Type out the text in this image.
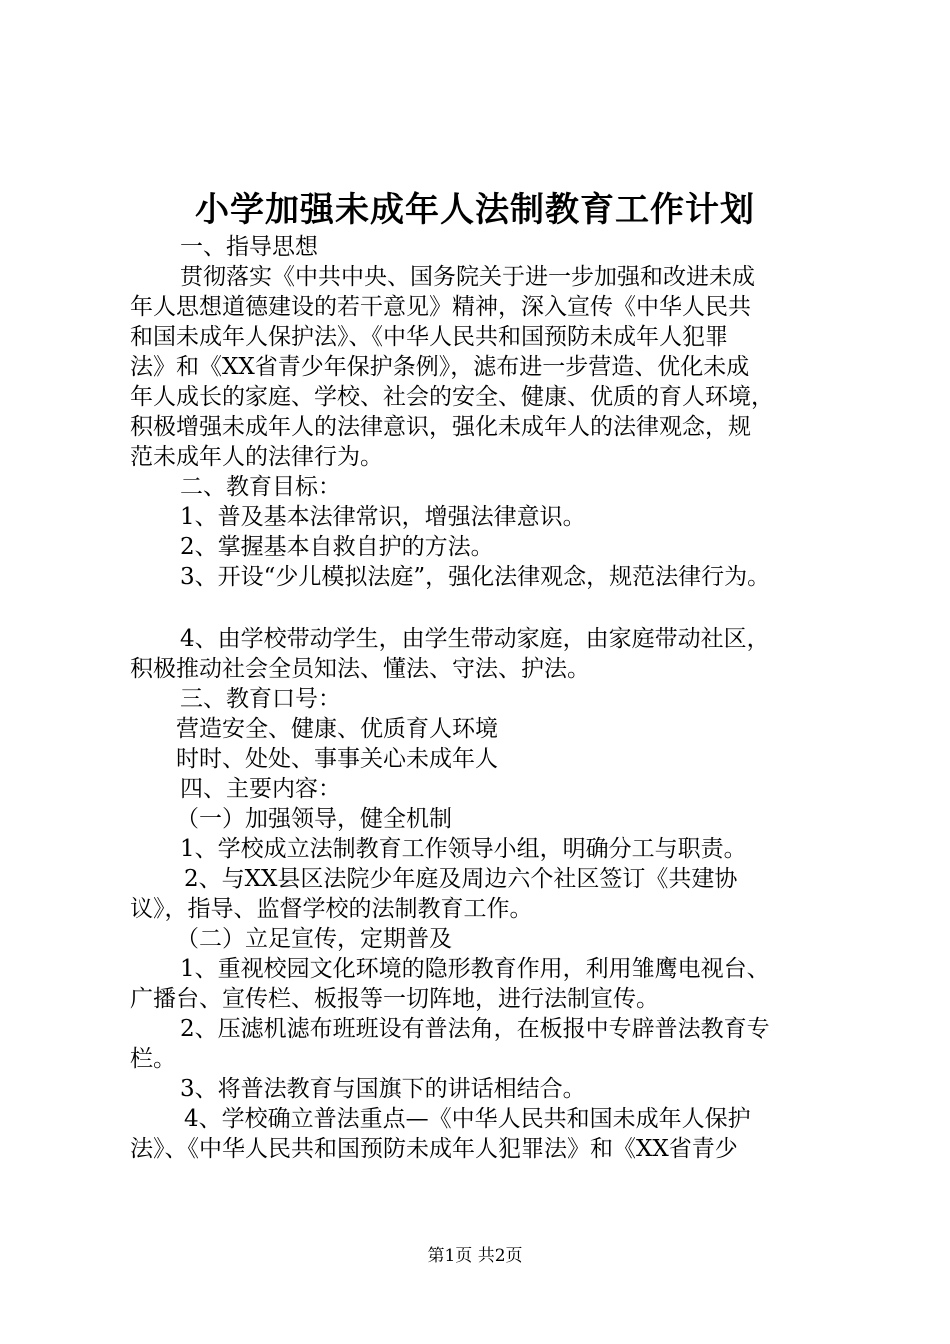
小学加强未成年人法制教育工作计划
一、指导思想
贯彻落实《中共中央、国务院关于进一步加强和改进未成
年人思想道德建设的若干意见》精神，深入宣传《中华人民共
和国未成年人保护法》、《中华人民共和国预防未成年人犯罪
法》和《XX省青少年保护条例》，滤布进一步营造、优化未成
年人成长的家庭、学校、社会的安全、健康、优质的育人环境，
积极增强未成年人的法律意识，强化未成年人的法律观念，规
范未成年人的法律行为。
二、教育目标：
1、普及基本法律常识，增强法律意识。
2、掌握基本自救自护的方法。
3、开设“少儿模拟法庭”，强化法律观念，规范法律行为。
4、由学校带动学生，由学生带动家庭，由家庭带动社区，
积极推动社会全员知法、懂法、守法、护法。
三、教育口号：
营造安全、健康、优质育人环境
时时、处处、事事关心未成年人
四、主要内容：
（一）加强领导，健全机制
1、学校成立法制教育工作领导小组，明确分工与职责。
2、与XX县区法院少年庭及周边六个社区签订《共建协
议》，指导、监督学校的法制教育工作。
（二）立足宣传，定期普及
1、重视校园文化环境的隐形教育作用，利用雏鹰电视台、
广播台、宣传栏、板报等一切阵地，进行法制宣传。
2、压滤机滤布班班设有普法角，在板报中专辟普法教育专
栏。
3、将普法教育与国旗下的讲话相结合。
4、学校确立普法重点—《中华人民共和国未成年人保护
法》、《中华人民共和国预防未成年人犯罪法》和《XX省青少
第1页 共2页
